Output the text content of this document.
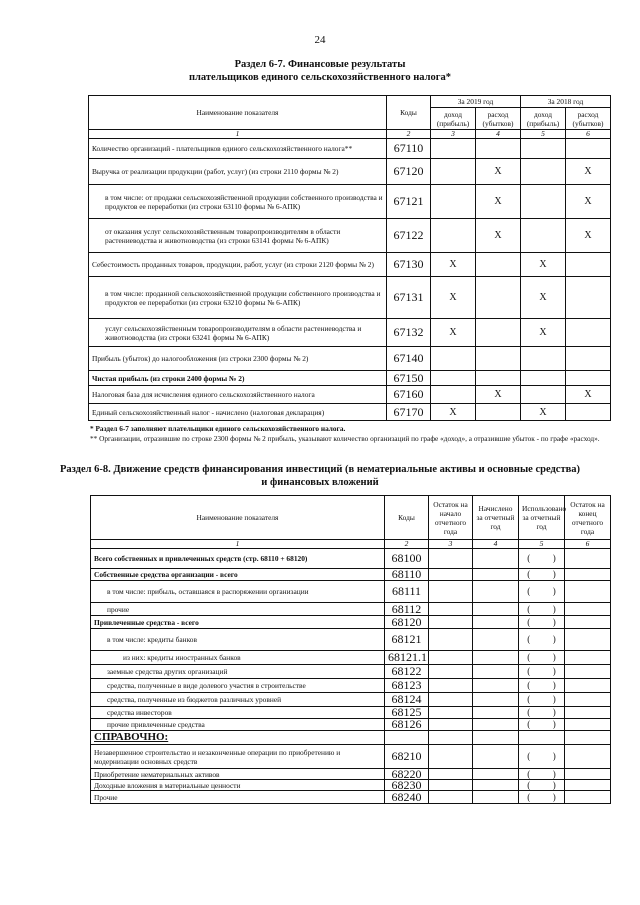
24
Раздел 6-7. Финансовые результаты
плательщиков единого сельскохозяйственного налога*
Наименование показателя	Коды	За 2019 год		За 2018 год	
		доход (прибыль)	расход (убытков)	доход (прибыль)	расход (убытков)
1	2	3	4	5	6
Количество организаций - плательщиков единого сельскохозяйственного налога**	67110				
Выручка от реализации продукции (работ, услуг) (из строки 2110 формы № 2)	67120		X		X
в том числе: от продажи сельскохозяйственной продукции собственного производства и продуктов ее переработки (из строки 63110 формы № 6-АПК)	67121		X		X
от оказания услуг сельскохозяйственным товаропроизводителям в области растениеводства и животноводства (из строки 63141 формы № 6-АПК)	67122		X		X
Себестоимость проданных товаров, продукции, работ, услуг (из строки 2120 формы № 2)	67130	X		X	
в том числе: проданной сельскохозяйственной продукции собственного производства и продуктов ее переработки (из строки 63210 формы № 6-АПК)	67131	X		X	
услуг сельскохозяйственным товаропроизводителям в области растениеводства и животноводства (из строки 63241 формы № 6-АПК)	67132	X		X	
Прибыль (убыток) до налогообложения (из строки 2300 формы № 2)	67140				
Чистая прибыль (из строки 2400 формы № 2)	67150				
Налоговая база для исчисления единого сельскохозяйственного налога	67160		X		X
Единый сельскохозяйственный налог - начислено (налоговая декларация)	67170	X		X	
* Раздел 6-7 заполняют плательщики единого сельскохозяйственного налога.
** Организации, отразившие по строке 2300 формы № 2 прибыль, указывают количество организаций по графе «доход», а отразившие убыток - по графе «расход».
Раздел 6-8. Движение средств финансирования инвестиций (в нематериальные активы и основные средства)
и финансовых вложений
Наименование показателя	Коды	Остаток на начало отчетного года	Начислено за отчетный год	Использовано за отчетный год	Остаток на конец отчетного года
1	2	3	4	5	6
Всего собственных и привлеченных средств (стр. 68110 + 68120)	68100			(          )	
Собственные средства организации - всего	68110			(          )	
в том числе: прибыль, оставшаяся в распоряжении организации	68111			(          )	
прочие	68112			(          )	
Привлеченные средства - всего	68120			(          )	
в том числе: кредиты банков	68121			(          )	
из них: кредиты иностранных банков	68121.1			(          )	
заемные средства других организаций	68122			(          )	
средства, полученные в виде долевого участия в строительстве	68123			(          )	
средства, полученные из бюджетов различных уровней	68124			(          )	
средства инвесторов	68125			(          )	
прочие привлеченные средства	68126			(          )	
СПРАВОЧНО:					
Незавершенное строительство и незаконченные операции по приобретению и модернизации основных средств	68210			(          )	
Приобретение нематериальных активов	68220			(          )	
Доходные вложения в материальные ценности	68230			(          )	
Прочие	68240			(          )	
